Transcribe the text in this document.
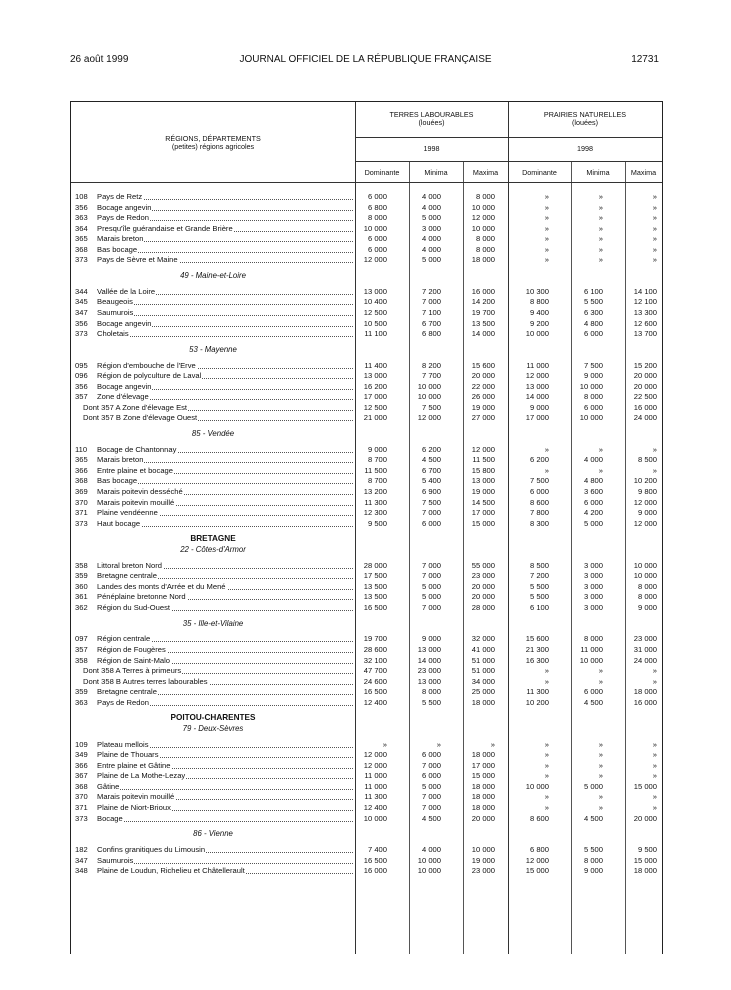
26 août 1999	JOURNAL OFFICIEL DE LA RÉPUBLIQUE FRANÇAISE	12731
RÉGIONS, DÉPARTEMENTS
(petites) régions agricoles
TERRES LABOURABLES
(louées)
PRAIRIES NATURELLES
(louées)
1998	1998
Dominante	Minima	Maxima	Dominante	Minima	Maxima
108	Pays de Retz	6 000	4 000	8 000	»	»	»
356	Bocage angevin	6 800	4 000	10 000	»	»	»
363	Pays de Redon	8 000	5 000	12 000	»	»	»
364	Presqu'île guérandaise et Grande Brière	10 000	3 000	10 000	»	»	»
365	Marais breton	6 000	4 000	8 000	»	»	»
368	Bas bocage	6 000	4 000	8 000	»	»	»
373	Pays de Sèvre et Maine	12 000	5 000	18 000	»	»	»
49 - Maine-et-Loire
344	Vallée de la Loire	13 000	7 200	16 000	10 300	6 100	14 100
345	Beaugeois	10 400	7 000	14 200	8 800	5 500	12 100
347	Saumurois	12 500	7 100	19 700	9 400	6 300	13 300
356	Bocage angevin	10 500	6 700	13 500	9 200	4 800	12 600
373	Choletais	11 100	6 800	14 000	10 000	6 000	13 700
53 - Mayenne
095	Région d'embouche de l'Erve	11 400	8 200	15 600	11 000	7 500	15 200
096	Région de polyculture de Laval	13 000	7 700	20 000	12 000	9 000	20 000
356	Bocage angevin	16 200	10 000	22 000	13 000	10 000	20 000
357	Zone d'élevage	17 000	10 000	26 000	14 000	8 000	22 500
Dont 357 A Zone d'élevage Est	12 500	7 500	19 000	9 000	6 000	16 000
Dont 357 B Zone d'élevage Ouest	21 000	12 000	27 000	17 000	10 000	24 000
85 - Vendée
110	Bocage de Chantonnay	9 000	6 200	12 000	»	»	»
365	Marais breton	8 700	4 500	11 500	6 200	4 000	8 500
366	Entre plaine et bocage	11 500	6 700	15 800	»	»	»
368	Bas bocage	8 700	5 400	13 000	7 500	4 800	10 200
369	Marais poitevin desséché	13 200	6 900	19 000	6 000	3 600	9 800
370	Marais poitevin mouillé	11 300	7 500	14 500	8 600	6 000	12 000
371	Plaine vendéenne	12 300	7 000	17 000	7 800	4 200	9 000
373	Haut bocage	9 500	6 000	15 000	8 300	5 000	12 000
BRETAGNE
22 - Côtes-d'Armor
358	Littoral breton Nord	28 000	7 000	55 000	8 500	3 000	10 000
359	Bretagne centrale	17 500	7 000	23 000	7 200	3 000	10 000
360	Landes des monts d'Arrée et du Mené	13 500	5 000	20 000	5 500	3 000	8 000
361	Pénéplaine bretonne Nord	13 500	5 000	20 000	5 500	3 000	8 000
362	Région du Sud-Ouest	16 500	7 000	28 000	6 100	3 000	9 000
35 - Ille-et-Vilaine
097	Région centrale	19 700	9 000	32 000	15 600	8 000	23 000
357	Région de Fougères	28 600	13 000	41 000	21 300	11 000	31 000
358	Région de Saint-Malo	32 100	14 000	51 000	16 300	10 000	24 000
Dont 358 A Terres à primeurs	47 700	23 000	51 000	»	»	»
Dont 358 B Autres terres labourables	24 600	13 000	34 000	»	»	»
359	Bretagne centrale	16 500	8 000	25 000	11 300	6 000	18 000
363	Pays de Redon	12 400	5 500	18 000	10 200	4 500	16 000
POITOU-CHARENTES
79 - Deux-Sèvres
109	Plateau mellois	»	»	»	»	»	»
349	Plaine de Thouars	12 000	6 000	18 000	»	»	»
366	Entre plaine et Gâtine	12 000	7 000	17 000	»	»	»
367	Plaine de La Mothe-Lezay	11 000	6 000	15 000	»	»	»
368	Gâtine	11 000	5 000	18 000	10 000	5 000	15 000
370	Marais poitevin mouillé	11 300	7 000	18 000	»	»	»
371	Plaine de Niort-Brioux	12 400	7 000	18 000	»	»	»
373	Bocage	10 000	4 500	20 000	8 600	4 500	20 000
86 - Vienne
182	Confins granitiques du Limousin	7 400	4 000	10 000	6 800	5 500	9 500
347	Saumurois	16 500	10 000	19 000	12 000	8 000	15 000
348	Plaine de Loudun, Richelieu et Châtellerault	16 000	10 000	23 000	15 000	9 000	18 000
